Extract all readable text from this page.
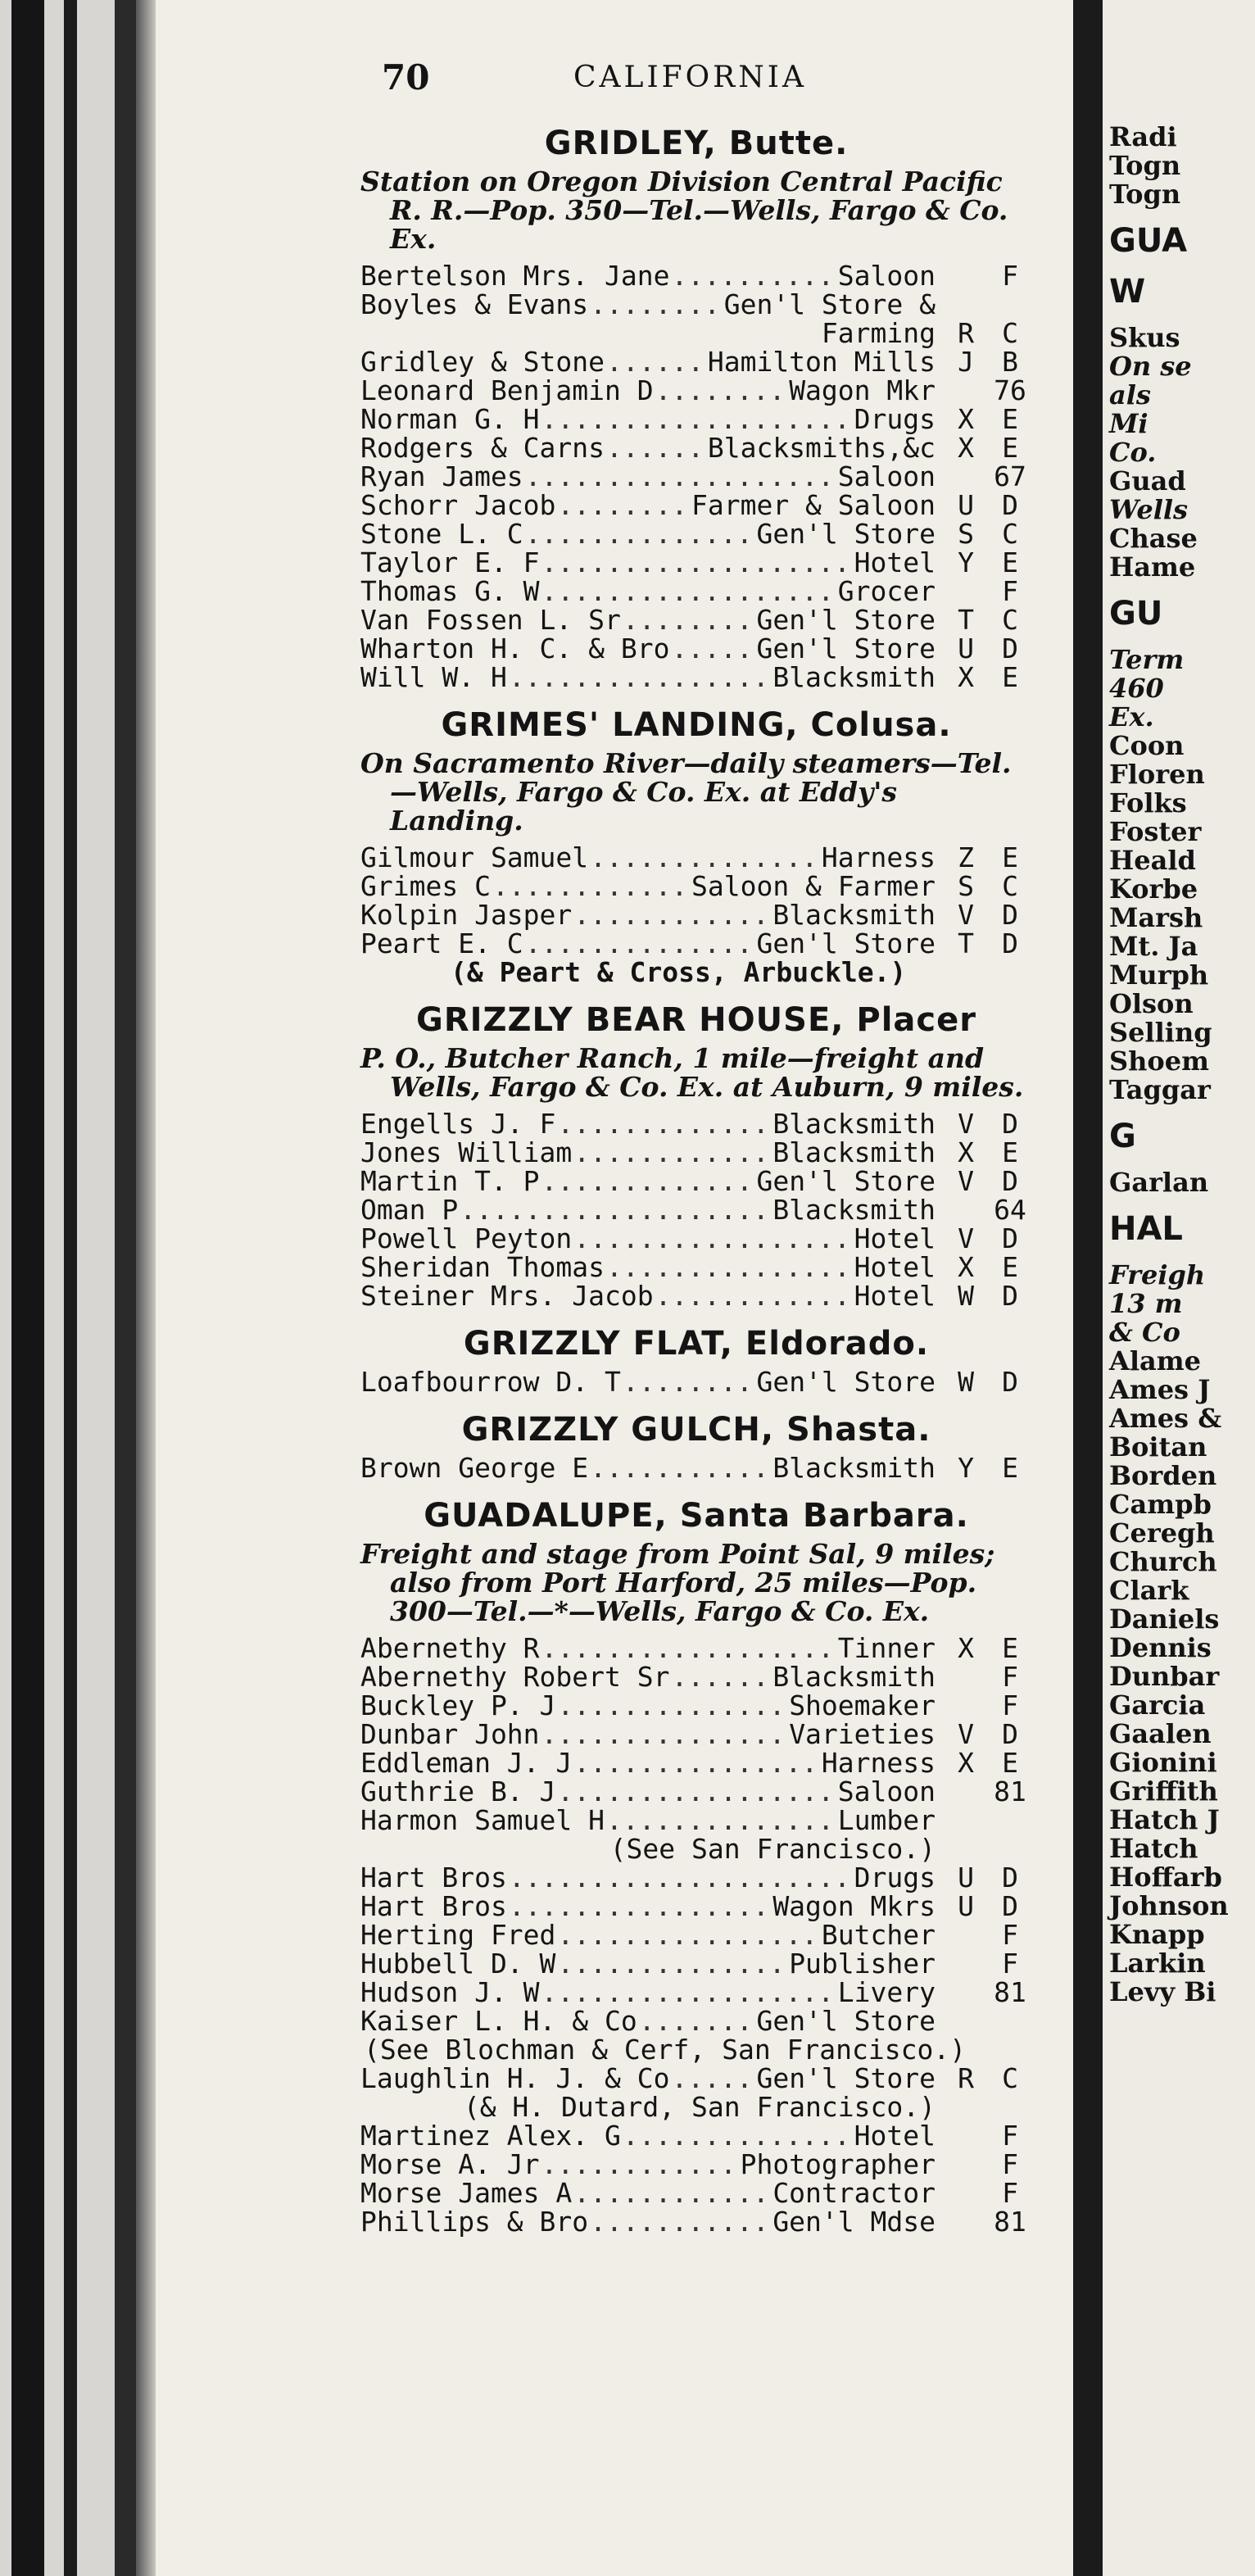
70	CALIFORNIA
GRIDLEY, Butte.
Station on Oregon Division Central Pacific R. R.—Pop. 350—Tel.—Wells, Fargo & Co. Ex.
Bertelson Mrs. Jane .....	Saloon	F
Boyles & Evans .....	Gen'l Store &
Farming R	C
Gridley & Stone .....	Hamilton Mills J	B
Leonard Benjamin D .....	Wagon Mkr 76
Norman G. H .....	Drugs X	E
Rodgers & Carns .....	Blacksmiths,&c X	E
Ryan James .....	Saloon 67
Schorr Jacob .....	Farmer & Saloon U	D
Stone L. C .....	Gen'l Store S	C
Taylor E. F .....	Hotel Y	E
Thomas G. W .....	Grocer	F
Van Fossen L. Sr .....	Gen'l Store T	C
Wharton H. C. & Bro .....	Gen'l Store U	D
Will W. H .....	Blacksmith X	E
GRIMES' LANDING, Colusa.
On Sacramento River—daily steamers—Tel.—Wells, Fargo & Co. Ex. at Eddy's Landing.
Gilmour Samuel .....	Harness Z	E
Grimes C .....	Saloon & Farmer S	C
Kolpin Jasper .....	Blacksmith V	D
Peart E. C .....	Gen'l Store T	D
(& Peart & Cross, Arbuckle.)
GRIZZLY BEAR HOUSE, Placer
P. O., Butcher Ranch, 1 mile—freight and Wells, Fargo & Co. Ex. at Auburn, 9 miles.
Engells J. F .....	Blacksmith V	D
Jones William .....	Blacksmith X	E
Martin T. P .....	Gen'l Store V	D
Oman P .....	Blacksmith 64
Powell Peyton .....	Hotel V	D
Sheridan Thomas .....	Hotel X	E
Steiner Mrs. Jacob .....	Hotel W	D
GRIZZLY FLAT, Eldorado.
Loafbourrow D. T .....	Gen'l Store W	D
GRIZZLY GULCH, Shasta.
Brown George E .....	Blacksmith Y	E
GUADALUPE, Santa Barbara.
Freight and stage from Point Sal, 9 miles; also from Port Harford, 25 miles—Pop. 300—Tel.—*—Wells, Fargo & Co. Ex.
Abernethy R .....	Tinner X	E
Abernethy Robert Sr .....	Blacksmith	F
Buckley P. J .....	Shoemaker	F
Dunbar John .....	Varieties V	D
Eddleman J. J .....	Harness X	E
Guthrie B. J .....	Saloon 81
Harmon Samuel H .....	Lumber
(See San Francisco.)
Hart Bros .....	Drugs U	D
Hart Bros .....	Wagon Mkrs U	D
Herting Fred .....	Butcher	F
Hubbell D. W .....	Publisher	F
Hudson J. W .....	Livery 81
Kaiser L. H. & Co .....	Gen'l Store
(See Blochman & Cerf, San Francisco.)
Laughlin H. J. & Co .....	Gen'l Store R	C
(& H. Dutard, San Francisco.)
Martinez Alex. G .....	Hotel	F
Morse A. Jr .....	Photographer	F
Morse James A .....	Contractor	F
Phillips & Bro .....	Gen'l Mdse 81
Radi
Togn
Togn
GUA
W
Skus
On se
als
Mi
Co.
Guad
Wells
Chase
Hame
GU
Term
460
Ex.
Coon
Floren
Folks
Foster
Heald
Korbe
Marsh
Mt. Ja
Murph
Olson
Selling
Shoem
Taggar
G
Garlan
HAL
Freigh
13 m
& Co
Alame
Ames J
Ames &
Boitan
Borden
Campb
Ceregh
Church
Clark
Daniels
Dennis
Dunbar
Garcia
Gaalen
Gionini
Griffith
Hatch J
Hatch
Hoffarb
Johnson
Knapp
Larkin
Levy Bi
